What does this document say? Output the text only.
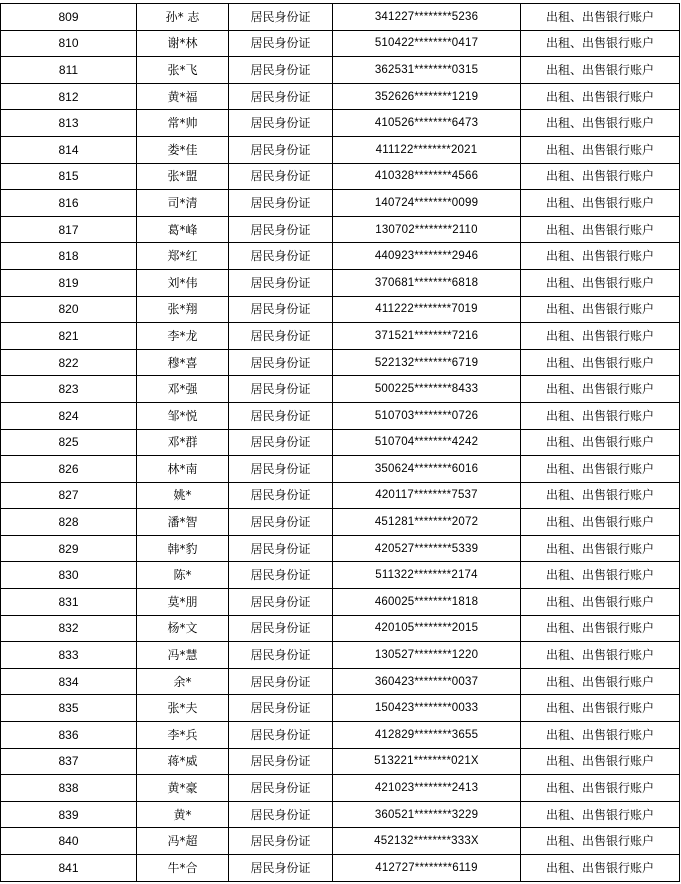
809	孙* 志	居民身份证	341227********5236	出租、出售银行账户
810	谢*林	居民身份证	510422********0417	出租、出售银行账户
811	张*飞	居民身份证	362531********0315	出租、出售银行账户
812	黄*福	居民身份证	352626********1219	出租、出售银行账户
813	常*帅	居民身份证	410526********6473	出租、出售银行账户
814	娄*佳	居民身份证	411122********2021	出租、出售银行账户
815	张*盟	居民身份证	410328********4566	出租、出售银行账户
816	司*清	居民身份证	140724********0099	出租、出售银行账户
817	葛*峰	居民身份证	130702********2110	出租、出售银行账户
818	郑*红	居民身份证	440923********2946	出租、出售银行账户
819	刘*伟	居民身份证	370681********6818	出租、出售银行账户
820	张*翔	居民身份证	411222********7019	出租、出售银行账户
821	李*龙	居民身份证	371521********7216	出租、出售银行账户
822	穆*喜	居民身份证	522132********6719	出租、出售银行账户
823	邓*强	居民身份证	500225********8433	出租、出售银行账户
824	邹*悦	居民身份证	510703********0726	出租、出售银行账户
825	邓*群	居民身份证	510704********4242	出租、出售银行账户
826	林*南	居民身份证	350624********6016	出租、出售银行账户
827	姚*	居民身份证	420117********7537	出租、出售银行账户
828	潘*智	居民身份证	451281********2072	出租、出售银行账户
829	韩*豹	居民身份证	420527********5339	出租、出售银行账户
830	陈*	居民身份证	511322********2174	出租、出售银行账户
831	莫*朋	居民身份证	460025********1818	出租、出售银行账户
832	杨*文	居民身份证	420105********2015	出租、出售银行账户
833	冯*慧	居民身份证	130527********1220	出租、出售银行账户
834	余*	居民身份证	360423********0037	出租、出售银行账户
835	张*夫	居民身份证	150423********0033	出租、出售银行账户
836	李*兵	居民身份证	412829********3655	出租、出售银行账户
837	蒋*威	居民身份证	513221********021X	出租、出售银行账户
838	黄*豪	居民身份证	421023********2413	出租、出售银行账户
839	黄*	居民身份证	360521********3229	出租、出售银行账户
840	冯*超	居民身份证	452132********333X	出租、出售银行账户
841	牛*合	居民身份证	412727********6119	出租、出售银行账户
